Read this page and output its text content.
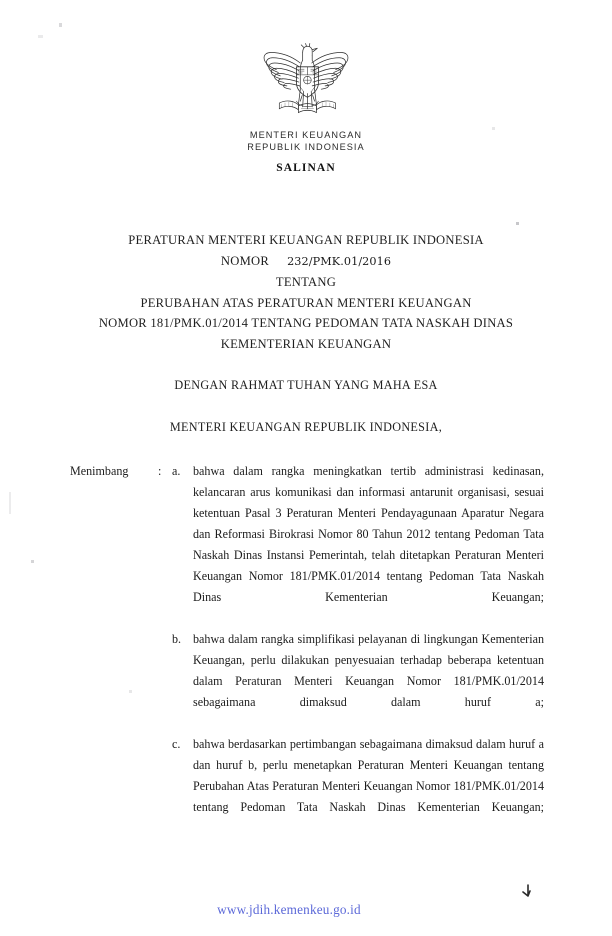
MENTERI KEUANGAN
REPUBLIK INDONESIA
SALINAN
PERATURAN MENTERI KEUANGAN REPUBLIK INDONESIA
NOMOR 232/PMK.01/2016
TENTANG
PERUBAHAN ATAS PERATURAN MENTERI KEUANGAN
NOMOR 181/PMK.01/2014 TENTANG PEDOMAN TATA NASKAH DINAS
KEMENTERIAN KEUANGAN
DENGAN RAHMAT TUHAN YANG MAHA ESA
MENTERI KEUANGAN REPUBLIK INDONESIA,
Menimbang	: a.	bahwa dalam rangka meningkatkan tertib administrasi kedinasan, kelancaran arus komunikasi dan informasi antarunit organisasi, sesuai ketentuan Pasal 3 Peraturan Menteri Pendayagunaan Aparatur Negara dan Reformasi Birokrasi Nomor 80 Tahun 2012 tentang Pedoman Tata Naskah Dinas Instansi Pemerintah, telah ditetapkan Peraturan Menteri Keuangan Nomor 181/PMK.01/2014 tentang Pedoman Tata Naskah Dinas Kementerian Keuangan;
b. bahwa dalam rangka simplifikasi pelayanan di lingkungan Kementerian Keuangan, perlu dilakukan penyesuaian terhadap beberapa ketentuan dalam Peraturan Menteri Keuangan Nomor 181/PMK.01/2014 sebagaimana dimaksud dalam huruf a;
c.	bahwa berdasarkan pertimbangan sebagaimana dimaksud dalam huruf a dan huruf b, perlu menetapkan Peraturan Menteri Keuangan tentang Perubahan Atas Peraturan Menteri Keuangan Nomor 181/PMK.01/2014 tentang Pedoman Tata Naskah Dinas Kementerian Keuangan;
www.jdih.kemenkeu.go.id
